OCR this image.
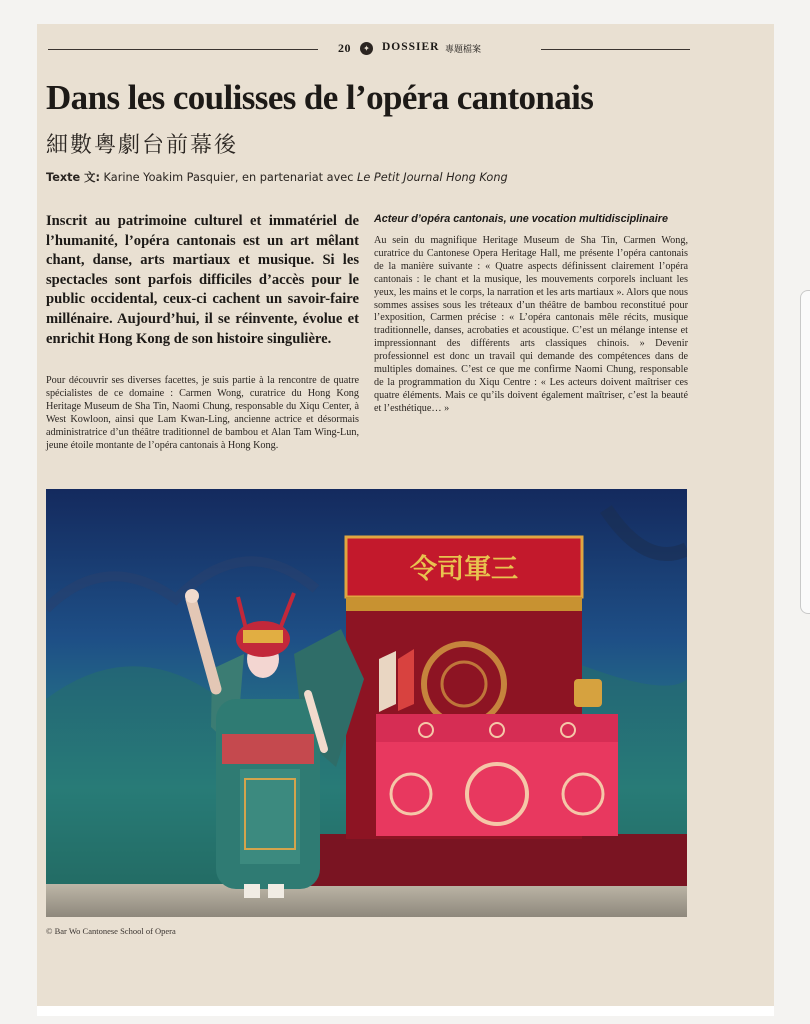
20	✦ DOSSIER 專題檔案
Dans les coulisses de l’opéra cantonais
細數粵劇台前幕後
Texte 文: Karine Yoakim Pasquier, en partenariat avec Le Petit Journal Hong Kong

Inscrit au patrimoine culturel et immatériel de l’humanité, l’opéra cantonais est un art mêlant chant, danse, arts martiaux et musique. Si les spectacles sont parfois difficiles d’accès pour le public occidental, ceux-ci cachent un savoir-faire millénaire. Aujourd’hui, il se réinvente, évolue et enrichit Hong Kong de son histoire singulière.

Pour découvrir ses diverses facettes, je suis partie à la rencontre de quatre spécialistes de ce domaine : Carmen Wong, curatrice du Hong Kong Heritage Museum de Sha Tin, Naomi Chung, responsable du Xiqu Center, à West Kowloon, ainsi que Lam Kwan-Ling, ancienne actrice et désormais administratrice d’un théâtre traditionnel de bambou et Alan Tam Wing-Lun, jeune étoile montante de l’opéra cantonais à Hong Kong.

Acteur d’opéra cantonais, une vocation multidisciplinaire

Au sein du magnifique Heritage Museum de Sha Tin, Carmen Wong, curatrice du Cantonese Opera Heritage Hall, me présente l’opéra cantonais de la manière suivante : « Quatre aspects définissent clairement l’opéra cantonais : le chant et la musique, les mouvements corporels incluant les yeux, les mains et le corps, la narration et les arts martiaux ». Alors que nous sommes assises sous les tréteaux d’un théâtre de bambou reconstitué pour l’exposition, Carmen précise : « L’opéra cantonais mêle récits, musique traditionnelle, danses, acrobaties et acoustique. C’est un mélange intense et impressionnant des différents arts classiques chinois. » Devenir professionnel est donc un travail qui demande des compétences dans de multiples domaines. C’est ce que me confirme Naomi Chung, responsable de la programmation du Xiqu Centre : « Les acteurs doivent maîtriser ces quatre éléments. Mais ce qu’ils doivent également maîtriser, c’est la beauté et l’esthétique… »

令司軍三
© Bar Wo Cantonese School of Opera
